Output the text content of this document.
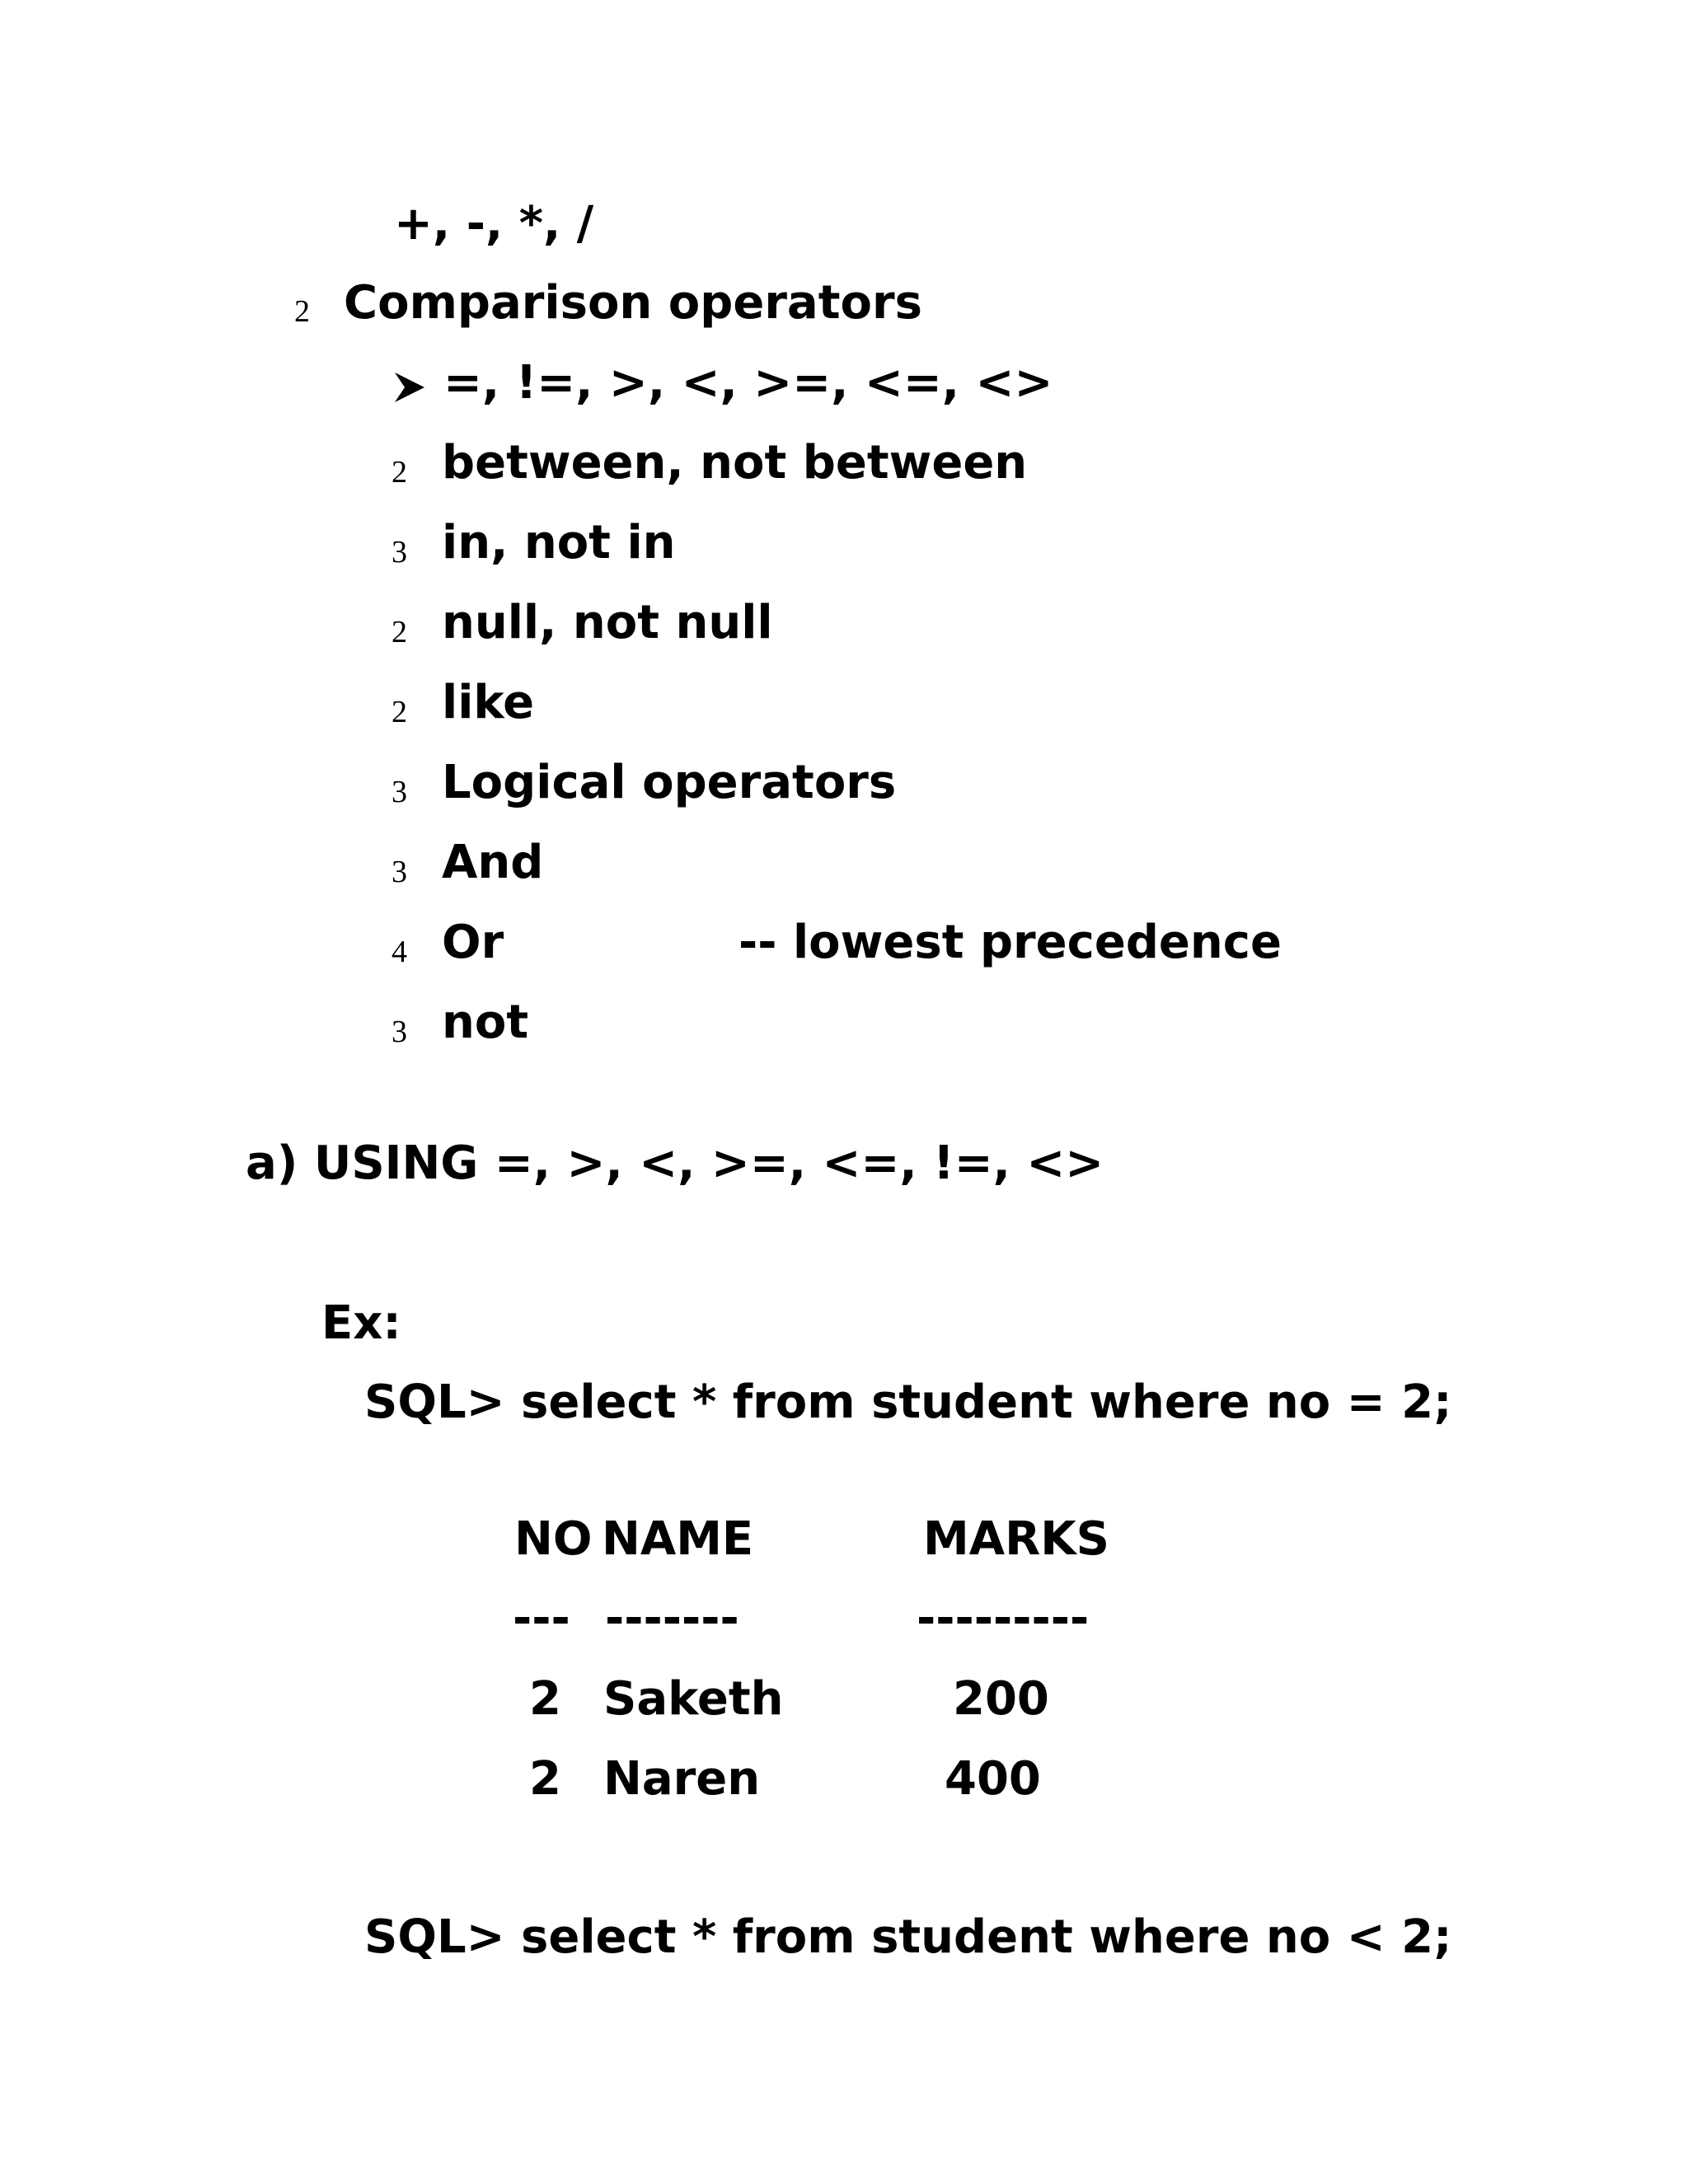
+, -, *, /
2 Comparison operators
=, !=, >, <, >=, <=, <>
2 between, not between
3 in, not in
2 null, not null
2 like
3 Logical operators
3 And
4 Or	-- lowest precedence
3 not
a) USING =, >, <, >=, <=, !=, <>
Ex:
SQL> select * from student where no = 2;
NO NAME	MARKS
--- -------	---------
2 Saketh	200
2 Naren	400
SQL> select * from student where no < 2;
